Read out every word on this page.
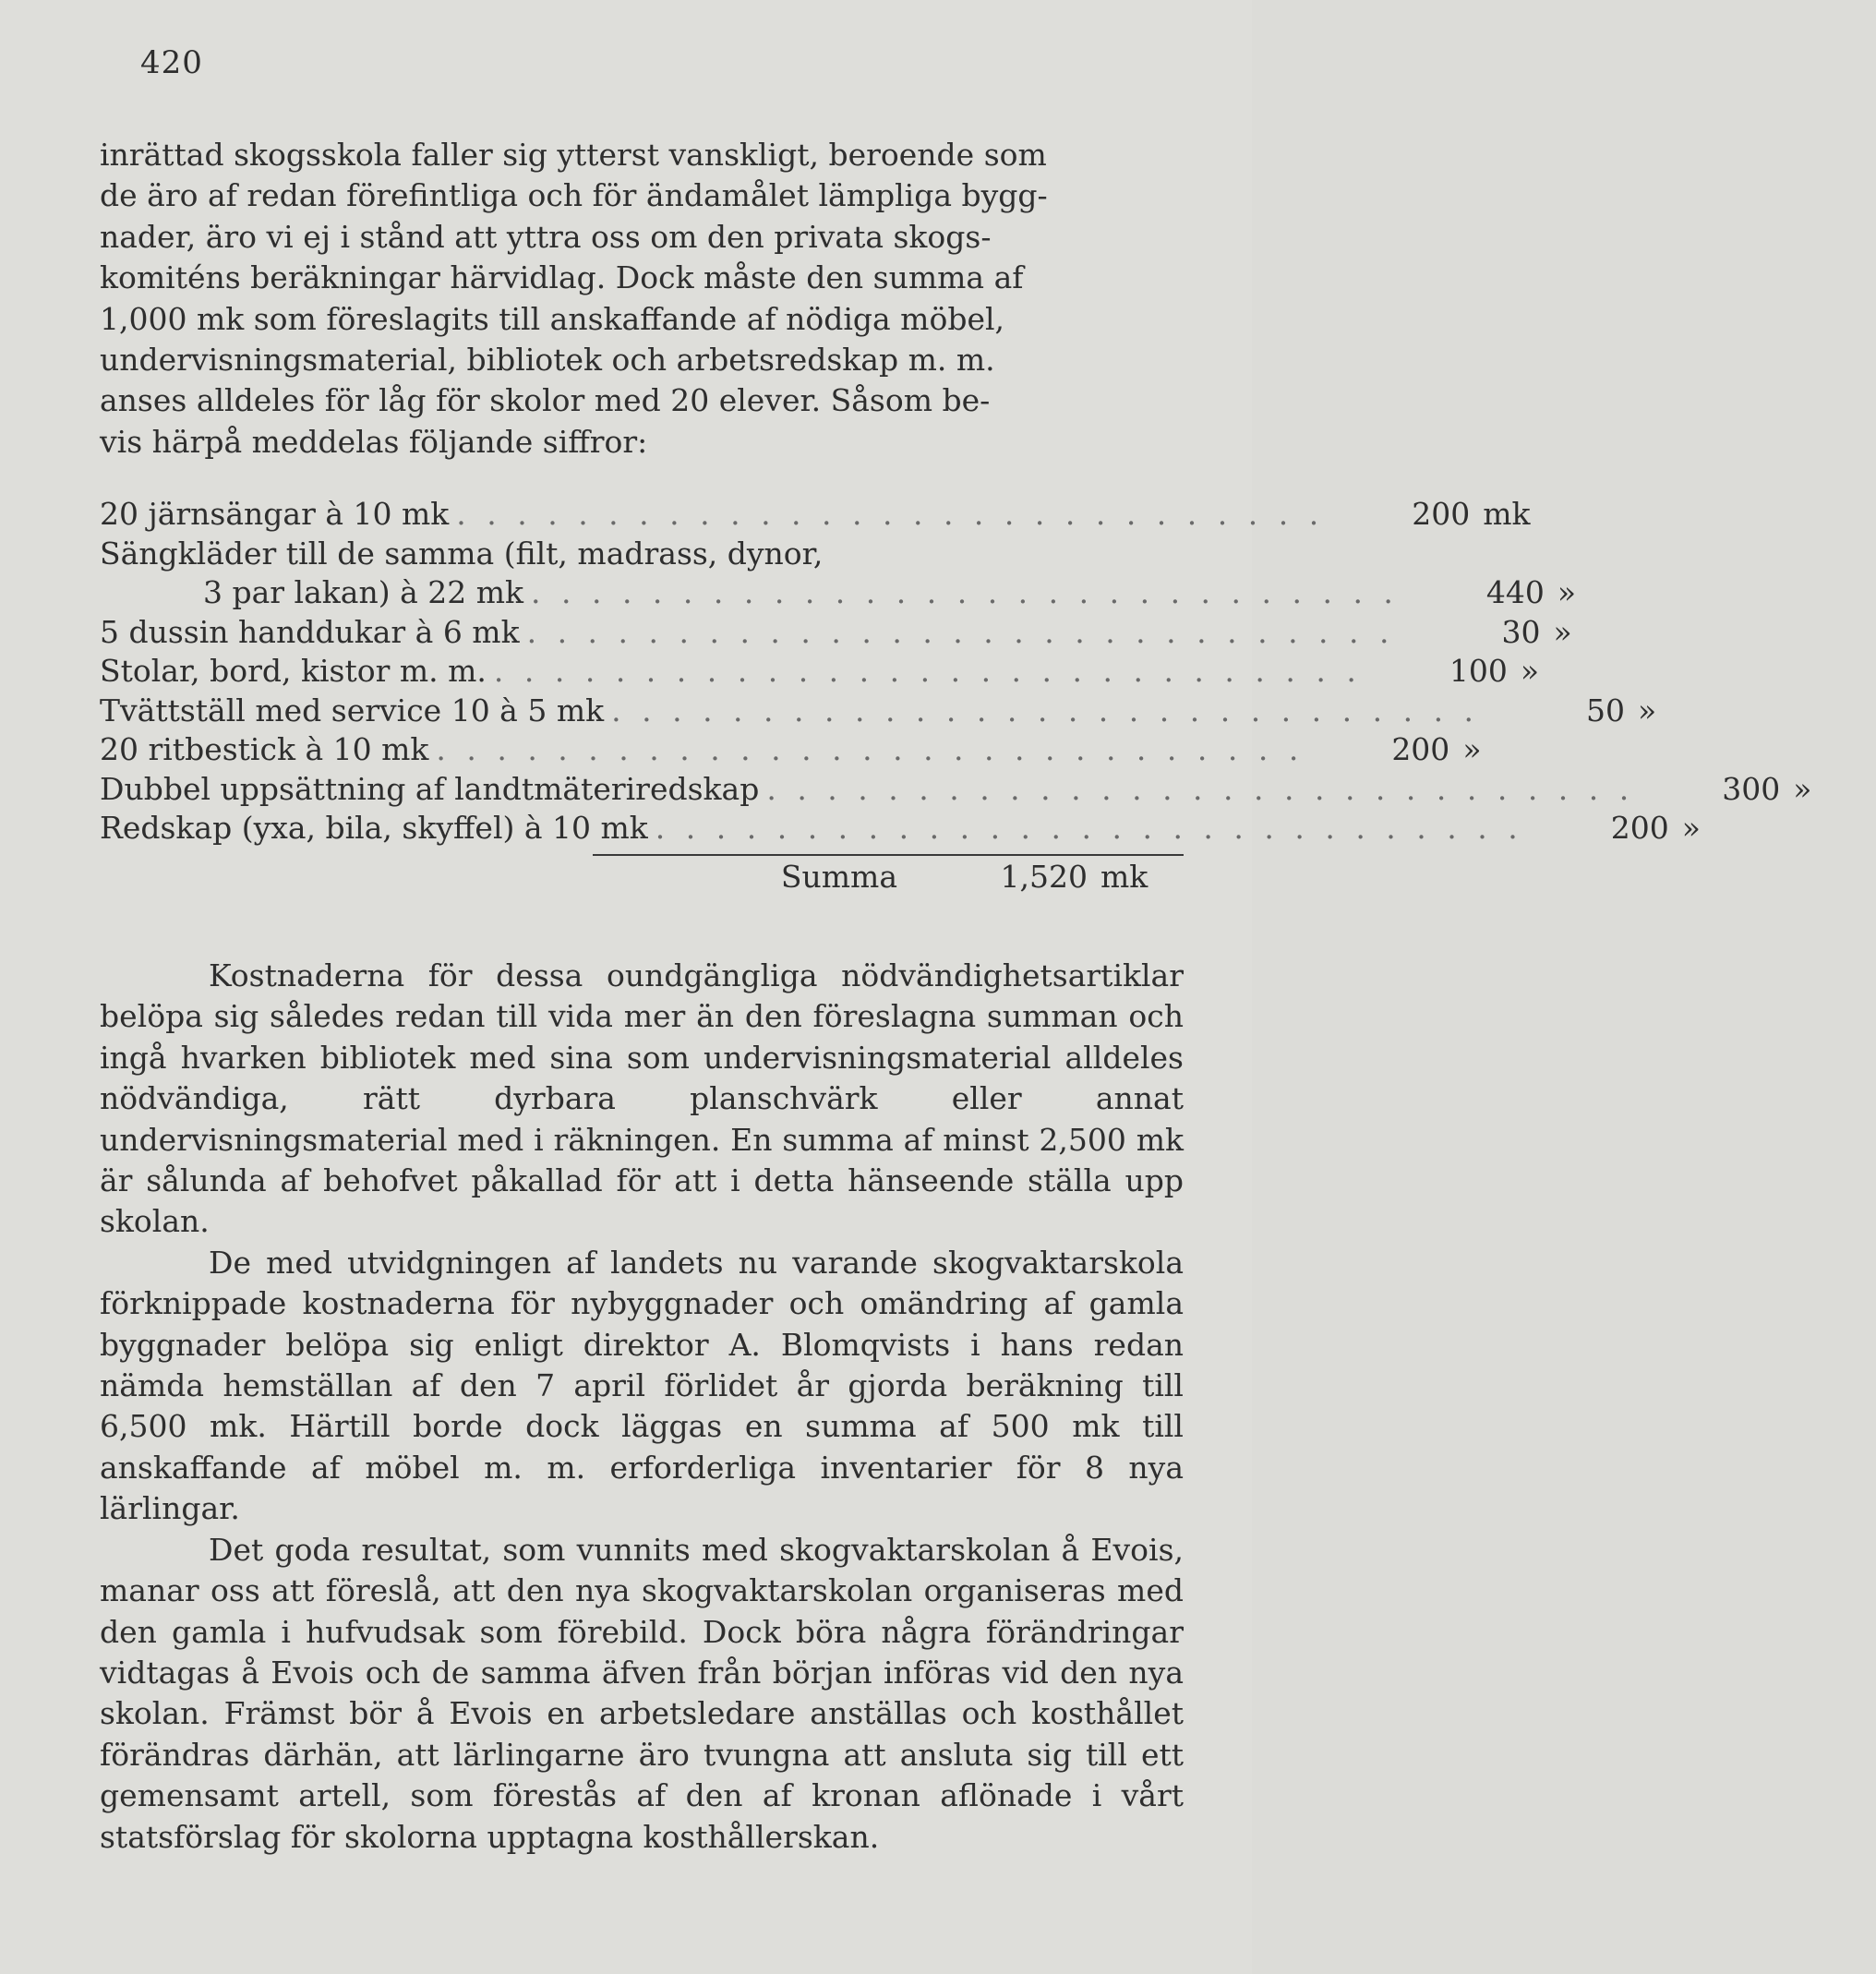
420
inrättad skogsskola faller sig ytterst vanskligt, beroende som
de äro af redan förefintliga och för ändamålet lämpliga bygg-
nader, äro vi ej i stånd att yttra oss om den privata skogs-
komiténs beräkningar härvidlag. Dock måste den summa af
1,000 mk som föreslagits till anskaffande af nödiga möbel,
undervisningsmaterial, bibliotek och arbetsredskap m. m.
anses alldeles för låg för skolor med 20 elever. Såsom be-
vis härpå meddelas följande siffror:
20 järnsängar à 10 mk . . . . . . . . . . . . . . . . . . . . . . . . . . . . .	200 mk
Sängkläder till de samma (filt, madrass, dynor,
3 par lakan) à 22 mk . . . . . . . . . . . . . . . . . . . . . . . . . . . . .	440 »
5 dussin handdukar à 6 mk . . . . . . . . . . . . . . . . . . . . . . . . . . . . .	30 »
Stolar, bord, kistor m. m. . . . . . . . . . . . . . . . . . . . . . . . . . . . . .	100 »
Tvättställ med service 10 à 5 mk . . . . . . . . . . . . . . . . . . . . . . . . . . . . .	50 »
20 ritbestick à 10 mk . . . . . . . . . . . . . . . . . . . . . . . . . . . . .	200 »
Dubbel uppsättning af landtmäteriredskap . . . . . . . . . . . . . . . . . . . . . . . . . . . . .	300 »
Redskap (yxa, bila, skyffel) à 10 mk . . . . . . . . . . . . . . . . . . . . . . . . . . . . .	200 »
Summa	1,520 mk

Kostnaderna för dessa oundgängliga nödvändighetsartiklar belöpa sig således redan till vida mer än den föreslagna summan och ingå hvarken bibliotek med sina som undervisningsmaterial alldeles nödvändiga, rätt dyrbara planschvärk eller annat undervisningsmaterial med i räkningen. En summa af minst 2,500 mk är sålunda af behofvet påkallad för att i detta hänseende ställa upp skolan.

De med utvidgningen af landets nu varande skogvaktarskola förknippade kostnaderna för nybyggnader och omändring af gamla byggnader belöpa sig enligt direktor A. Blomqvists i hans redan nämda hemställan af den 7 april förlidet år gjorda beräkning till 6,500 mk. Härtill borde dock läggas en summa af 500 mk till anskaffande af möbel m. m. erforderliga inventarier för 8 nya lärlingar.

Det goda resultat, som vunnits med skogvaktarskolan å Evois, manar oss att föreslå, att den nya skogvaktarskolan organiseras med den gamla i hufvudsak som förebild. Dock böra några förändringar vidtagas å Evois och de samma äfven från början införas vid den nya skolan. Främst bör å Evois en arbetsledare anställas och kosthållet förändras därhän, att lärlingarne äro tvungna att ansluta sig till ett gemensamt artell, som förestås af den af kronan aflönade i vårt statsförslag för skolorna upptagna kosthållerskan.
